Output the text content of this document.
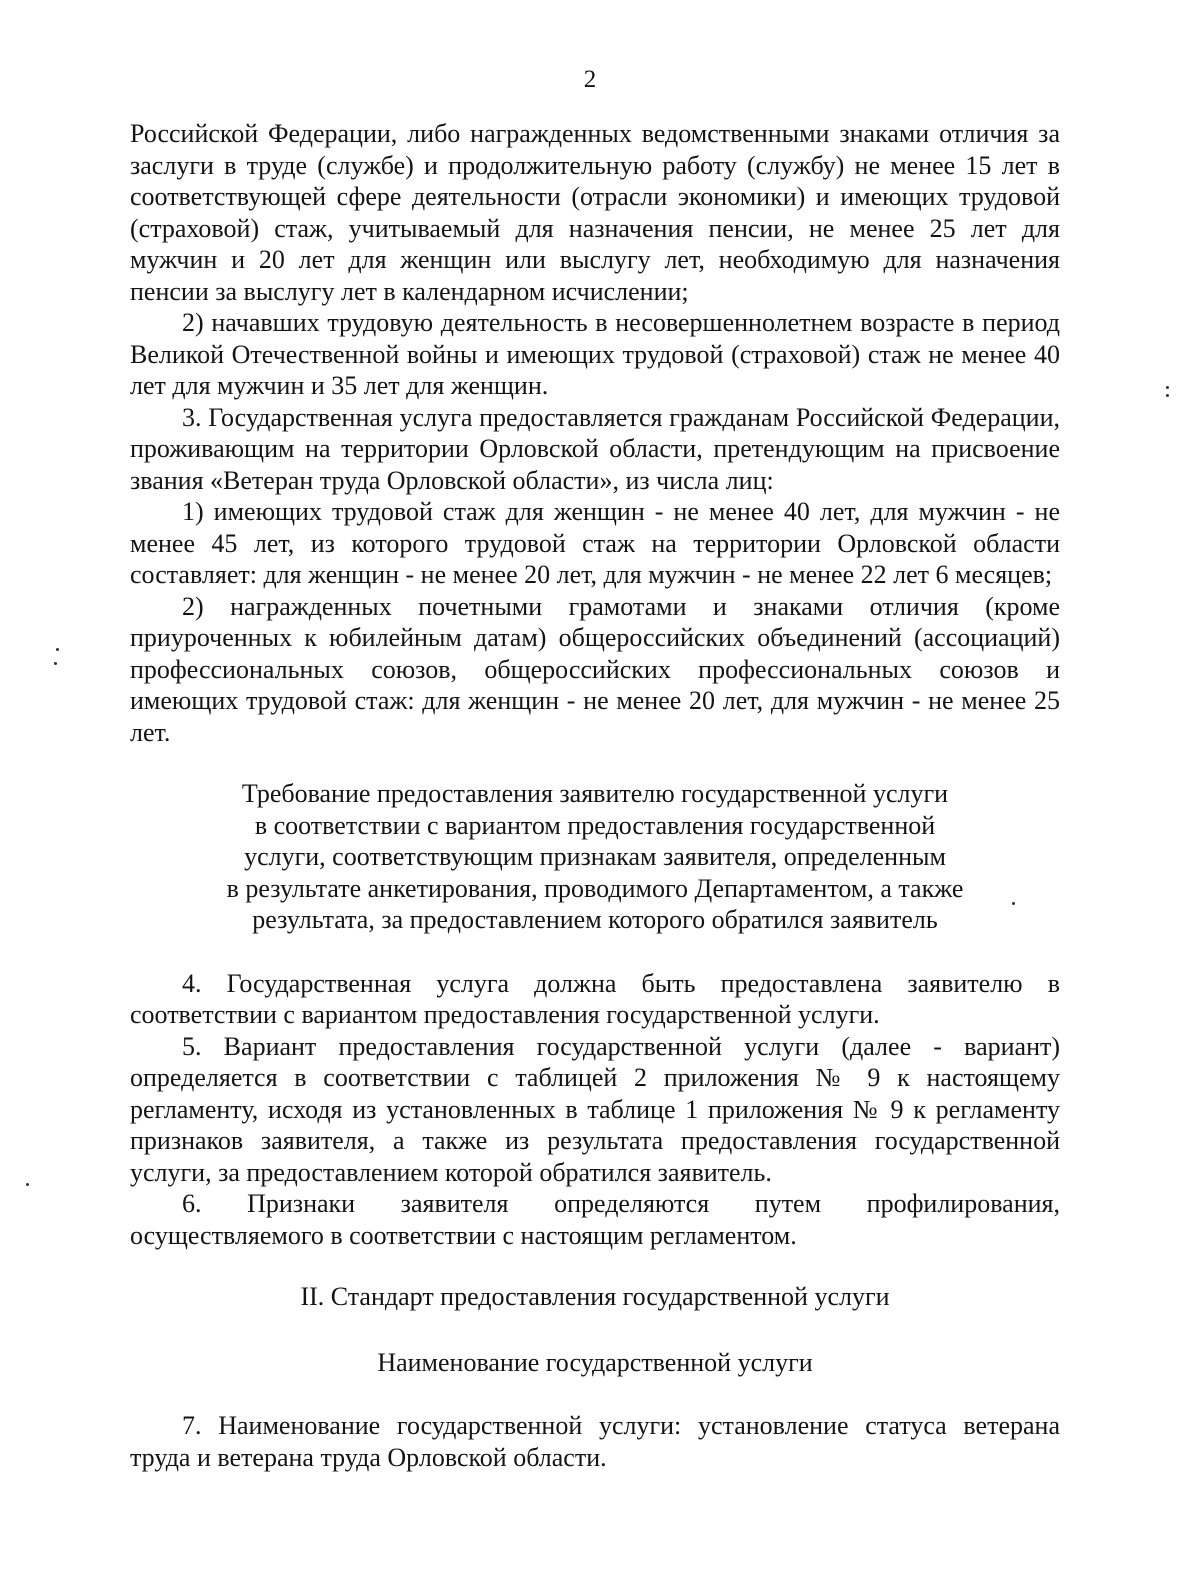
2

Российской Федерации, либо награжденных ведомственными знаками отличия за заслуги в труде (службе) и продолжительную работу (службу) не менее 15 лет в соответствующей сфере деятельности (отрасли экономики) и имеющих трудовой (страховой) стаж, учитываемый для назначения пенсии, не менее 25 лет для мужчин и 20 лет для женщин или выслугу лет, необходимую для назначения пенсии за выслугу лет в календарном исчислении;

2) начавших трудовую деятельность в несовершеннолетнем возрасте в период Великой Отечественной войны и имеющих трудовой (страховой) стаж не менее 40 лет для мужчин и 35 лет для женщин.

3. Государственная услуга предоставляется гражданам Российской Федерации, проживающим на территории Орловской области, претендующим на присвоение звания «Ветеран труда Орловской области», из числа лиц:

1) имеющих трудовой стаж для женщин - не менее 40 лет, для мужчин - не менее 45 лет, из которого трудовой стаж на территории Орловской области составляет: для женщин - не менее 20 лет, для мужчин - не менее 22 лет 6 месяцев;

2) награжденных почетными грамотами и знаками отличия (кроме приуроченных к юбилейным датам) общероссийских объединений (ассоциаций) профессиональных союзов, общероссийских профессиональных союзов и имеющих трудовой стаж: для женщин - не менее 20 лет, для мужчин - не менее 25 лет.

Требование предоставления заявителю государственной услуги
в соответствии с вариантом предоставления государственной
услуги, соответствующим признакам заявителя, определенным
в результате анкетирования, проводимого Департаментом, а также
результата, за предоставлением которого обратился заявитель

4. Государственная услуга должна быть предоставлена заявителю в соответствии с вариантом предоставления государственной услуги.

5. Вариант предоставления государственной услуги (далее - вариант) определяется в соответствии с таблицей 2 приложения № 9 к настоящему регламенту, исходя из установленных в таблице 1 приложения № 9 к регламенту признаков заявителя, а также из результата предоставления государственной услуги, за предоставлением которой обратился заявитель.

6. Признаки заявителя определяются путем профилирования, осуществляемого в соответствии с настоящим регламентом.

II. Стандарт предоставления государственной услуги

Наименование государственной услуги

7. Наименование государственной услуги: установление статуса ветерана труда и ветерана труда Орловской области.
